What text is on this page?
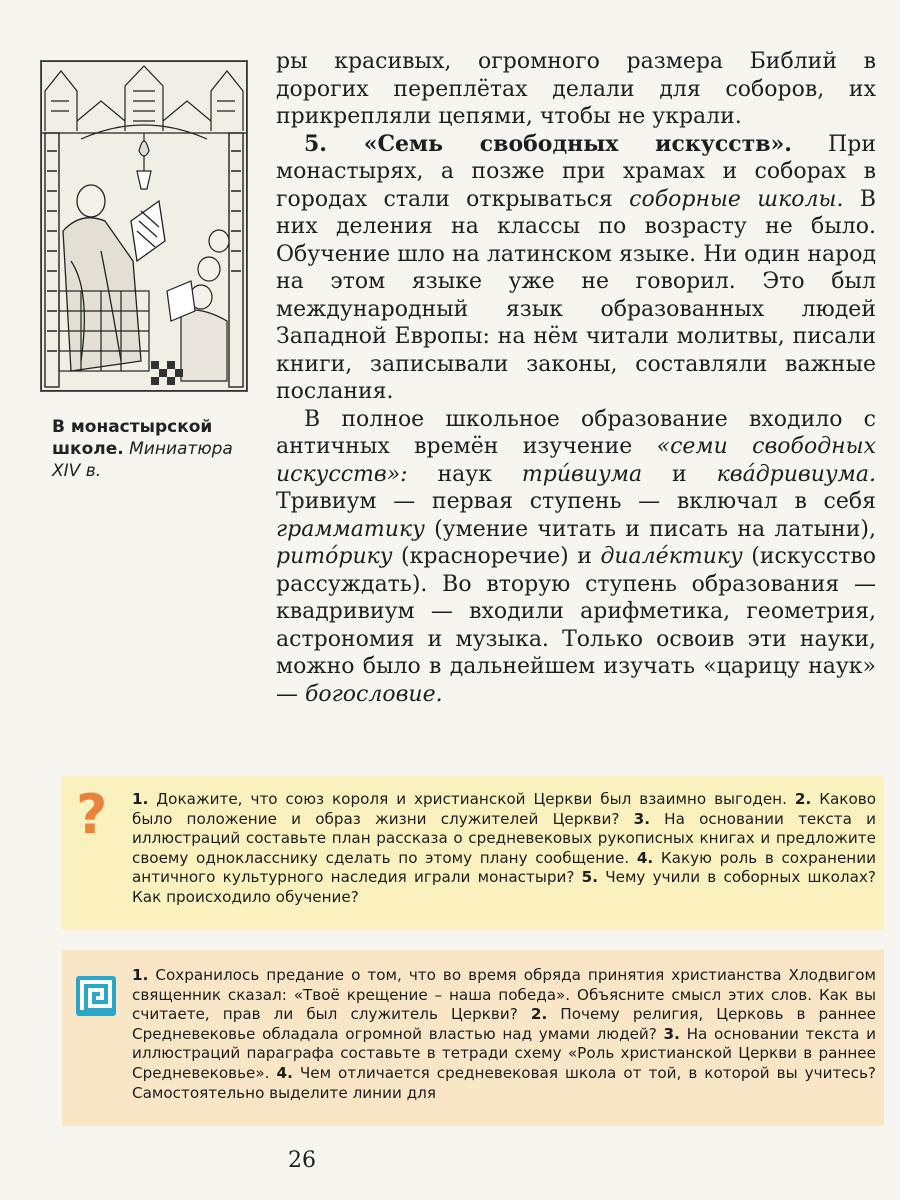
В монастырской школе. Миниатюра XIV в.

ры красивых, огромного размера Библий в дорогих переплётах делали для соборов, их прикрепляли цепями, чтобы не украли.

5. «Семь свободных искусств». При монастырях, а позже при храмах и соборах в городах стали открываться соборные школы. В них деления на классы по возрасту не было. Обучение шло на латинском языке. Ни один народ на этом языке уже не говорил. Это был международный язык образованных людей Западной Европы: на нём читали молитвы, писали книги, записывали законы, составляли важные послания.

В полное школьное образование входило с античных времён изучение «семи свободных искусств»: наук три́виума и ква́дривиума. Тривиум — первая ступень — включал в себя грамматику (умение читать и писать на латыни), рито́рику (красноречие) и диале́ктику (искусство рассуждать). Во вторую ступень образования — квадривиум — входили арифметика, геометрия, астрономия и музыка. Только освоив эти науки, можно было в дальнейшем изучать «царицу наук» — богословие.

? 1. Докажите, что союз короля и христианской Церкви был взаимно выгоден. 2. Каково было положение и образ жизни служителей Церкви? 3. На основании текста и иллюстраций составьте план рассказа о средневековых рукописных книгах и предложите своему однокласснику сделать по этому плану сообщение. 4. Какую роль в сохранении античного культурного наследия играли монастыри? 5. Чему учили в соборных школах? Как происходило обучение?
1. Сохранилось предание о том, что во время обряда принятия христианства Хлодвигом священник сказал: «Твоё крещение – наша победа». Объясните смысл этих слов. Как вы считаете, прав ли был служитель Церкви? 2. Почему религия, Церковь в раннее Средневековье обладала огромной властью над умами людей? 3. На основании текста и иллюстраций параграфа составьте в тетради схему «Роль христианской Церкви в раннее Средневековье». 4. Чем отличается средневековая школа от той, в которой вы учитесь? Самостоятельно выделите линии для
26
